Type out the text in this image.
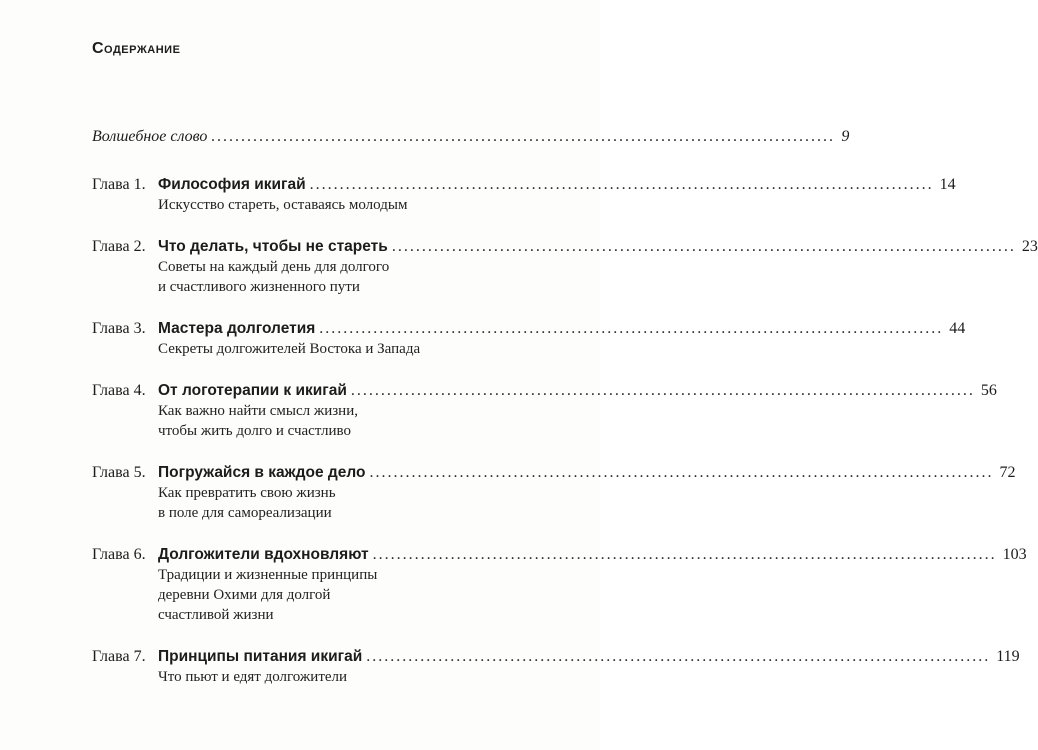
Содержание
Волшебное слово ........................................................................................................ 9
Глава 1. Философия икигай ........................................................................................................ 14
Искусство стареть, оставаясь молодым
Глава 2. Что делать, чтобы не стареть ........................................................................................................ 23
Советы на каждый день для долгого
и счастливого жизненного пути
Глава 3. Мастера долголетия ........................................................................................................ 44
Секреты долгожителей Востока и Запада
Глава 4. От логотерапии к икигай ........................................................................................................ 56
Как важно найти смысл жизни,
чтобы жить долго и счастливо
Глава 5. Погружайся в каждое дело ........................................................................................................ 72
Как превратить свою жизнь
в поле для самореализации
Глава 6. Долгожители вдохновляют ........................................................................................................ 103
Традиции и жизненные принципы
деревни Охими для долгой
счастливой жизни
Глава 7. Принципы питания икигай ........................................................................................................ 119
Что пьют и едят долгожители
